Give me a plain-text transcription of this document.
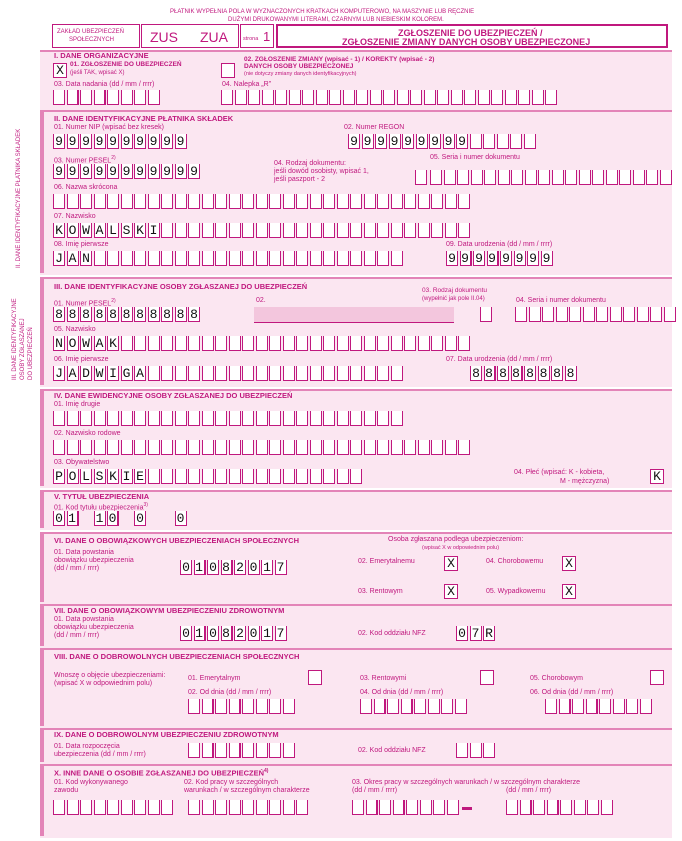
PŁATNIK WYPEŁNIA POLA W WYZNACZONYCH KRATKACH KOMPUTEROWO, NA MASZYNIE LUB RĘCZNIE
DUŻYMI DRUKOWANYMI LITERAMI, CZARNYM LUB NIEBIESKIM KOLOREM.
ZAKŁAD UBEZPIECZEŃ
SPOŁECZNYCH	ZUS ZUA	strona 1	ZGŁOSZENIE DO UBEZPIECZEŃ /
ZGŁOSZENIE ZMIANY DANYCH OSOBY UBEZPIECZONEJ
I. DANE ORGANIZACYJNE
X 01. ZGŁOSZENIE DO UBEZPIECZEŃ
(jeśli TAK, wpisać X)
02. ZGŁOSZENIE ZMIANY (wpisać - 1) / KOREKTY (wpisać - 2)
DANYCH OSOBY UBEZPIECZONEJ
(nie dotyczy zmiany danych identyfikacyjnych)
03. Data nadania (dd / mm / rrrr)	04. Nalepka „R”
II. DANE IDENTYFIKACYJNE PŁATNIKA SKŁADEK
01. Numer NIP (wpisać bez kresek)
9 9 9 9 9 9 9 9 9 9
02. Numer REGON
9 9 9 9 9 9 9 9 9
03. Numer PESEL$^{2)}$
9 9 9 9 9 9 9 9 9 9 9
04. Rodzaj dokumentu:
jeśli dowód osobisty, wpisać 1,
jeśli paszport - 2
05. Seria i numer dokumentu
06. Nazwa skrócona
07. Nazwisko
K O W A L S K I
08. Imię pierwsze
J A N
09. Data urodzenia (dd / mm / rrrr)
9 9 9 9 9 9 9 9
II. DANE IDENTYFIKACYJNE PŁATNIKA SKŁADEK
III. DANE IDENTYFIKACYJNE OSOBY ZGŁASZANEJ DO UBEZPIECZEŃ
01. Numer PESEL$^{2)}$
8 8 8 8 8 8 8 8 8 8 8
02.
03. Rodzaj dokumentu
(wypełnić jak pole II.04)	04. Seria i numer dokumentu
05. Nazwisko
N O W A K
06. Imię pierwsze
J A D W I G A
07. Data urodzenia (dd / mm / rrrr)
8 8 8 8 8 8 8 8
III. DANE IDENTYFIKACYJNE OSOBY ZGŁASZANEJ DO UBEZPIECZEŃ
IV. DANE EWIDENCYJNE OSOBY ZGŁASZANEJ DO UBEZPIECZEŃ
01. Imię drugie
02. Nazwisko rodowe
03. Obywatelstwo
P O L S K I E	04. Płeć (wpisać: K - kobieta,
M - mężczyzna)	K
V. TYTUŁ UBEZPIECZENIA
01. Kod tytułu ubezpieczenia$^{3)}$
0 1 1 0 0	0
VI. DANE O OBOWIĄZKOWYCH UBEZPIECZENIACH SPOŁECZNYCH
01. Data powstania
obowiązku ubezpieczenia
(dd / mm / rrrr)	0 1 0 8 2 0 1 7
Osoba zgłaszana podlega ubezpieczeniom:
(wpisać X w odpowiednim polu)
02. Emerytalnemu X	04. Chorobowemu X
03. Rentowym	X	05. Wypadkowemu X
VII. DANE O OBOWIĄZKOWYM UBEZPIECZENIU ZDROWOTNYM
01. Data powstania
obowiązku ubezpieczenia
(dd / mm / rrrr)	0 1 0 8 2 0 1 7	02. Kod oddziału NFZ 0 7 R
VIII. DANE O DOBROWOLNYCH UBEZPIECZENIACH SPOŁECZNYCH
Wnoszę o objęcie ubezpieczeniami:
(wpisać X w odpowiednim polu)
01. Emerytalnym
02. Od dnia (dd / mm / rrrr)
03. Rentowymi
04. Od dnia (dd / mm / rrrr)
05. Chorobowym
06. Od dnia (dd / mm / rrrr)
IX. DANE O DOBROWOLNYM UBEZPIECZENIU ZDROWOTNYM
01. Data rozpoczęcia
ubezpieczenia (dd / mm / rrrr)
02. Kod oddziału NFZ
X. INNE DANE O OSOBIE ZGŁASZANEJ DO UBEZPIECZEŃ$^{4)}$
01. Kod wykonywanego
zawodu
02. Kod pracy w szczególnych
warunkach / w szczególnym charakterze
03. Okres pracy w szczególnych warunkach / w szczególnym charakterze
(dd / mm / rrrr)	(dd / mm / rrrr)
